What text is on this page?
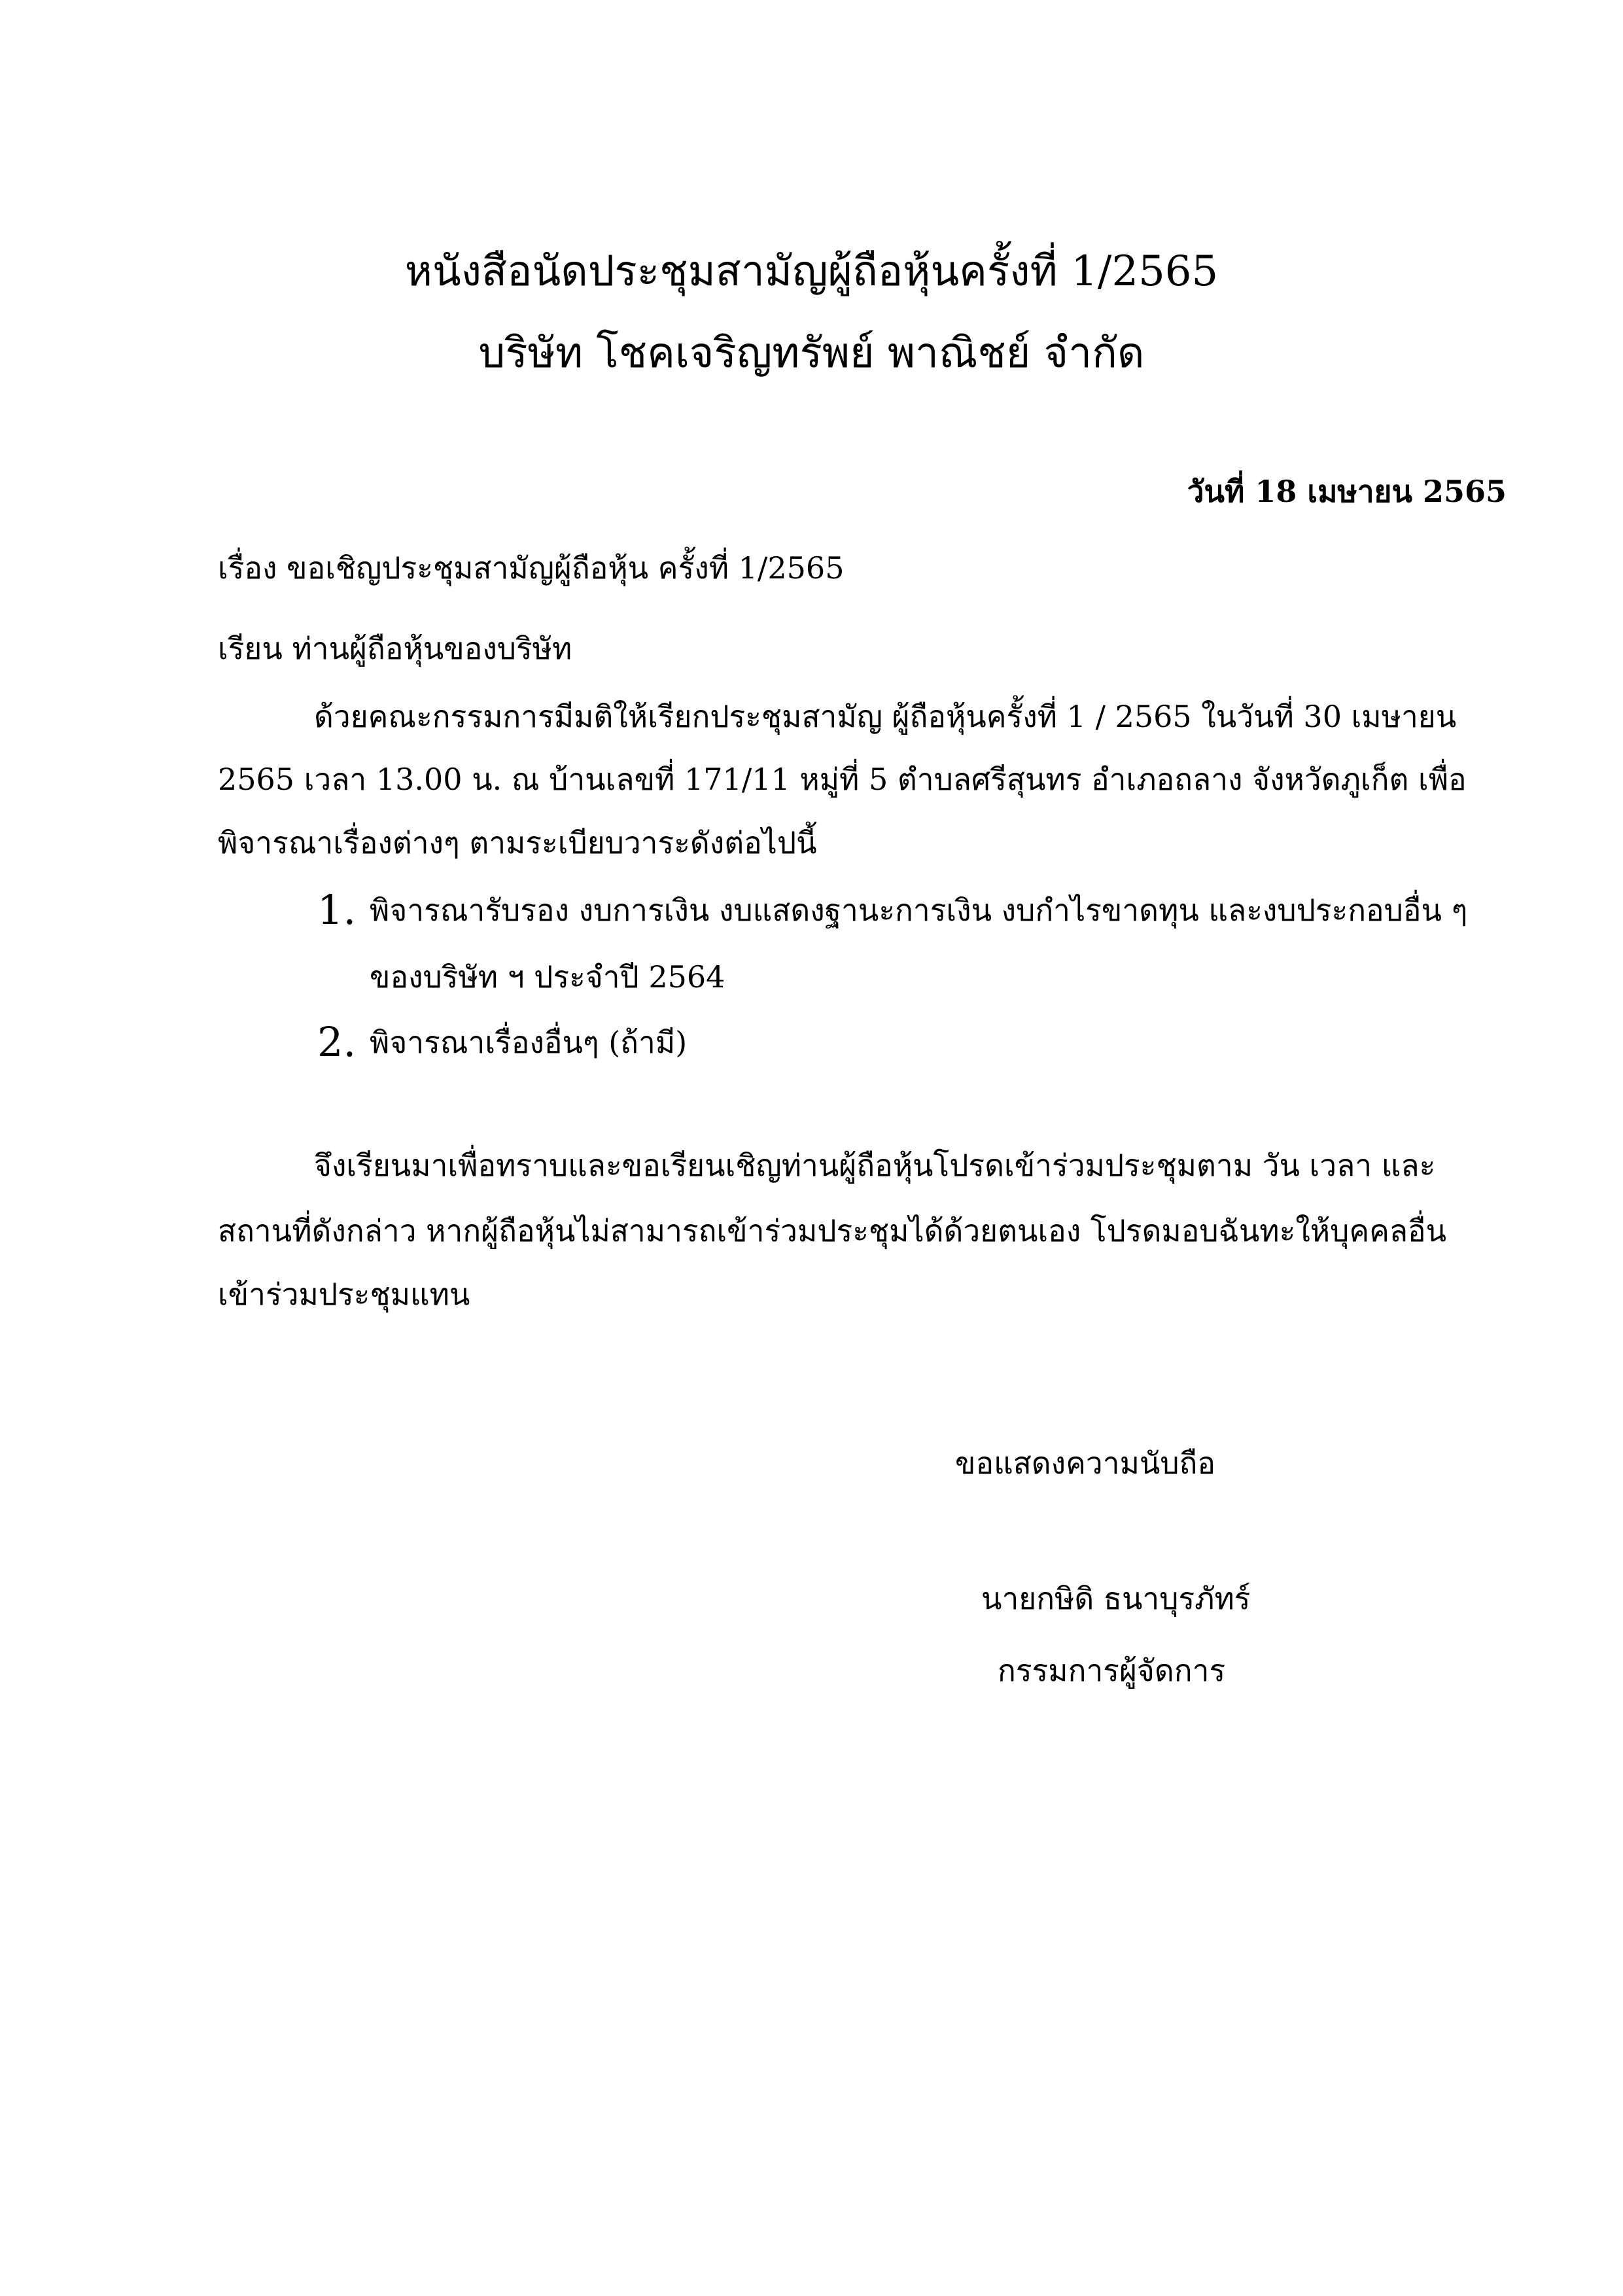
หนังสือนัดประชุมสามัญผู้ถือหุ้นครั้งที่ 1/2565
บริษัท โชคเจริญทรัพย์ พาณิชย์ จำกัด
วันที่ 18 เมษายน 2565
เรื่อง ขอเชิญประชุมสามัญผู้ถือหุ้น ครั้งที่ 1/2565
เรียน ท่านผู้ถือหุ้นของบริษัท
ด้วยคณะกรรมการมีมติให้เรียกประชุมสามัญ ผู้ถือหุ้นครั้งที่ 1 / 2565 ในวันที่ 30 เมษายน
2565 เวลา 13.00 น. ณ บ้านเลขที่ 171/11 หมู่ที่ 5 ตำบลศรีสุนทร อำเภอถลาง จังหวัดภูเก็ต เพื่อ
พิจารณาเรื่องต่างๆ ตามระเบียบวาระดังต่อไปนี้
1. พิจารณารับรอง งบการเงิน งบแสดงฐานะการเงิน งบกำไรขาดทุน และงบประกอบอื่น ๆ
ของบริษัท ฯ ประจำปี 2564
2. พิจารณาเรื่องอื่นๆ (ถ้ามี)
จึงเรียนมาเพื่อทราบและขอเรียนเชิญท่านผู้ถือหุ้นโปรดเข้าร่วมประชุมตาม วัน เวลา และ
สถานที่ดังกล่าว หากผู้ถือหุ้นไม่สามารถเข้าร่วมประชุมได้ด้วยตนเอง โปรดมอบฉันทะให้บุคคลอื่น
เข้าร่วมประชุมแทน
ขอแสดงความนับถือ
นายกษิดิ ธนาบุรภัทร์
กรรมการผู้จัดการ
